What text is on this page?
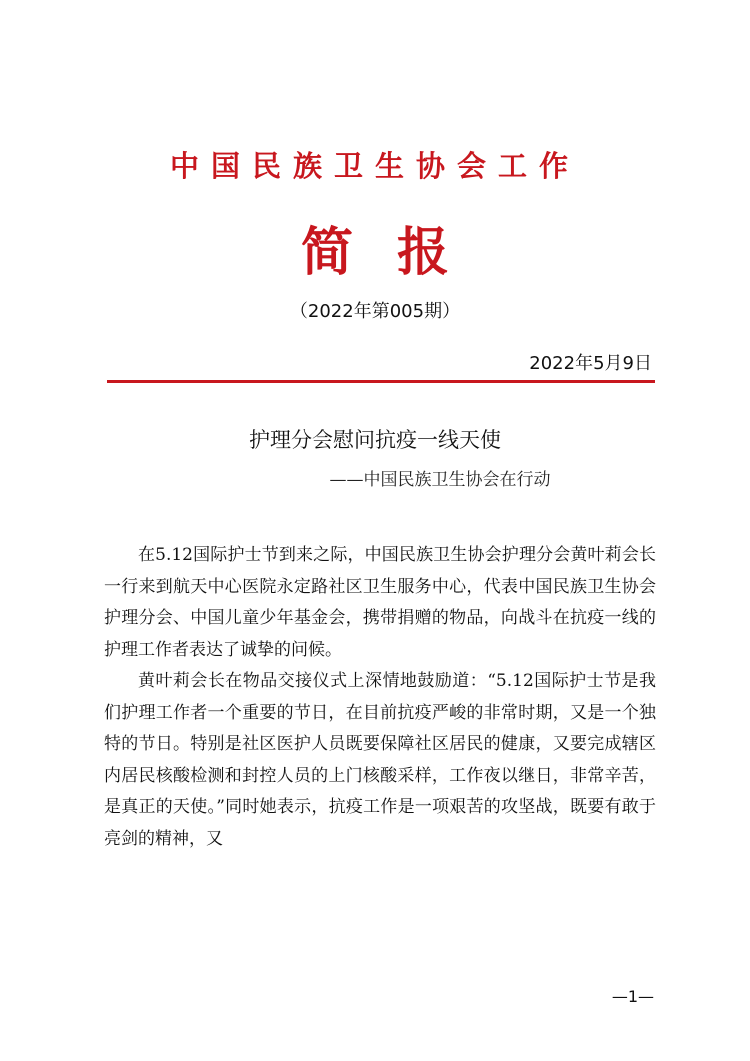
中国民族卫生协会工作
简报
（2022年第005期）
2022年5月9日
护理分会慰问抗疫一线天使
——中国民族卫生协会在行动

在5.12国际护士节到来之际，中国民族卫生协会护理分会黄叶莉会长一行来到航天中心医院永定路社区卫生服务中心，代表中国民族卫生协会护理分会、中国儿童少年基金会，携带捐赠的物品，向战斗在抗疫一线的护理工作者表达了诚挚的问候。

黄叶莉会长在物品交接仪式上深情地鼓励道：“5.12国际护士节是我们护理工作者一个重要的节日，在目前抗疫严峻的非常时期，又是一个独特的节日。特别是社区医护人员既要保障社区居民的健康，又要完成辖区内居民核酸检测和封控人员的上门核酸采样，工作夜以继日，非常辛苦，是真正的天使。”同时她表示，抗疫工作是一项艰苦的攻坚战，既要有敢于亮剑的精神，又

—1—
